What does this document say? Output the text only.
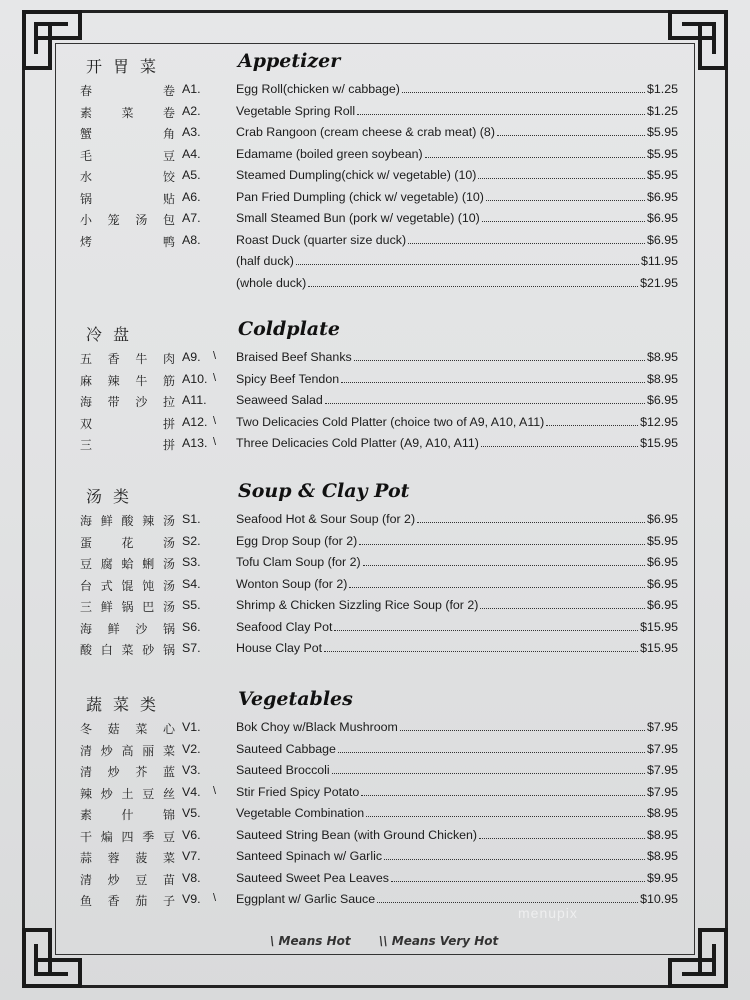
开胃菜	Appetizer
春	卷 A1.	Egg Roll(chicken w/ cabbage)	$1.25
素 菜 卷 A2.	Vegetable Spring Roll	$1.25
蟹	角 A3.	Crab Rangoon (cream cheese & crab meat) (8)	$5.95
毛	豆 A4.	Edamame (boiled green soybean)	$5.95
水	饺 A5.	Steamed Dumpling(chick w/ vegetable) (10)	$5.95
锅	贴 A6.	Pan Fried Dumpling (chick w/ vegetable) (10)	$6.95
小 笼 汤 包 A7.	Small Steamed Bun (pork w/ vegetable) (10)	$6.95
烤	鸭 A8.	Roast Duck (quarter size duck)	$6.95
(half duck)	$11.95
(whole duck)	$21.95
冷盘	Coldplate
五 香 牛 肉 A9. \ Braised Beef Shanks	$8.95
麻 辣 牛 筋 A10. \ Spicy Beef Tendon	$8.95
海 带 沙 拉 A11. Seaweed Salad	$6.95
双	拼 A12. \ Two Delicacies Cold Platter (choice two of A9, A10, A11)	$12.95
三	拼 A13. \ Three Delicacies Cold Platter (A9, A10, A11)	$15.95
汤类	Soup & Clay Pot
海 鲜 酸 辣 汤 S1.	Seafood Hot & Sour Soup (for 2)	$6.95
蛋 花 汤 S2.	Egg Drop Soup (for 2)	$5.95
豆 腐 蛤 蜊 汤 S3.	Tofu Clam Soup (for 2)	$6.95
台 式 馄 饨 汤 S4.	Wonton Soup (for 2)	$6.95
三 鲜 锅 巴 汤 S5.	Shrimp & Chicken Sizzling Rice Soup (for 2)	$6.95
海 鲜 沙 锅 S6.	Seafood Clay Pot	$15.95
酸 白 菜 砂 锅 S7.	House Clay Pot	$15.95
蔬菜类	Vegetables
冬 菇 菜 心 V1.	Bok Choy w/Black Mushroom	$7.95
清 炒 高 丽 菜 V2.	Sauteed Cabbage	$7.95
清 炒 芥 蓝 V3.	Sauteed Broccoli	$7.95
辣 炒 土 豆 丝 V4. \ Stir Fried Spicy Potato	$7.95
素 什 锦 V5.	Vegetable Combination	$8.95
干 煸 四 季 豆 V6.	Sauteed String Bean (with Ground Chicken)	$8.95
蒜 蓉 菠 菜 V7.	Santeed Spinach w/ Garlic	$8.95
清 炒 豆 苗 V8.	Sauteed Sweet Pea Leaves	$9.95
鱼 香 茄 子 V9. \ Eggplant w/ Garlic Sauce	$10.95
\ Means Hot \\ Means Very Hot
menupix
